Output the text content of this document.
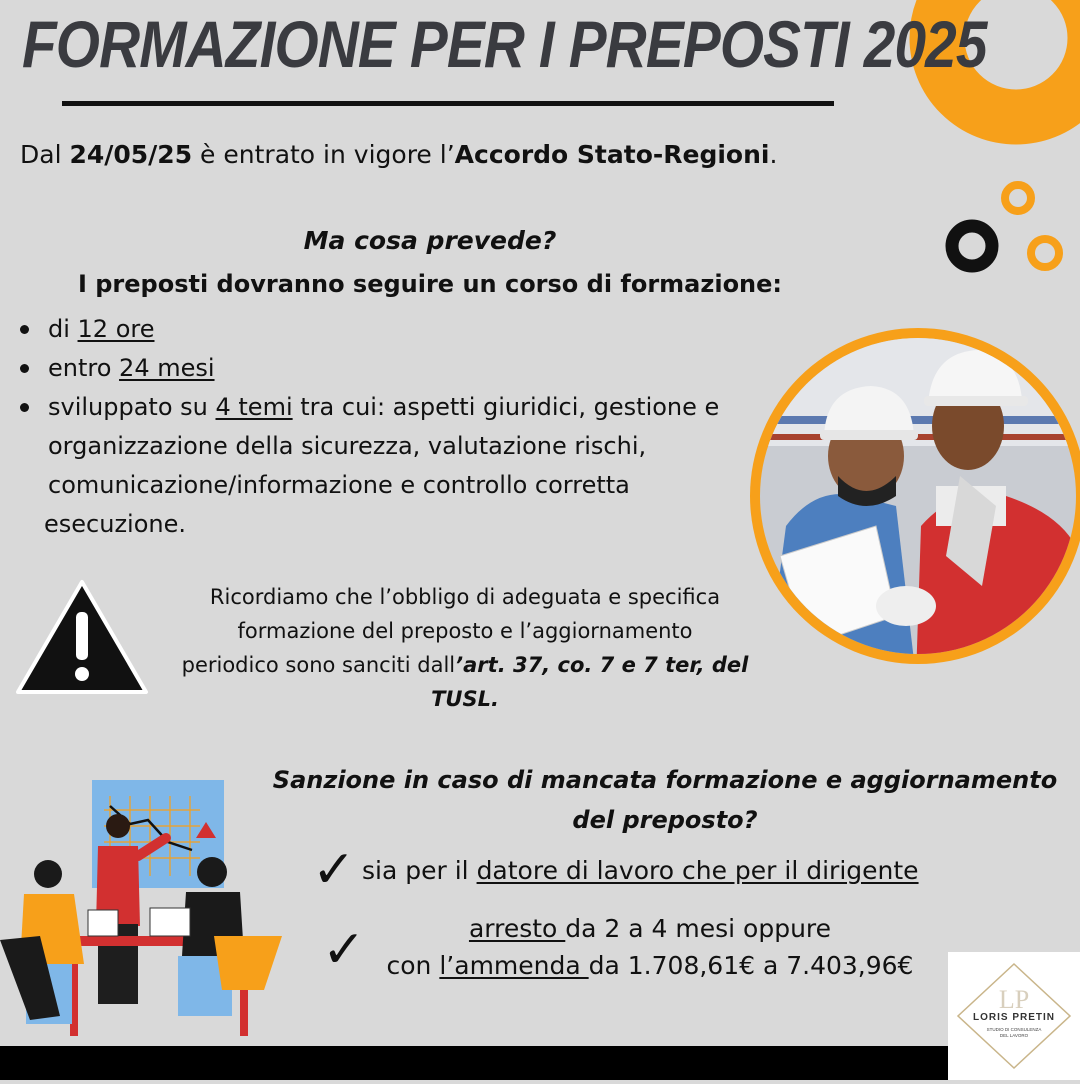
FORMAZIONE PER I PREPOSTI 2025
Dal 24/05/25 è entrato in vigore l’Accordo Stato-Regioni.
Ma cosa prevede?
I preposti dovranno seguire un corso di formazione:
di 12 ore
entro 24 mesi
sviluppato su 4 temi tra cui: aspetti giuridici, gestione e
organizzazione della sicurezza, valutazione rischi,
comunicazione/informazione e controllo corretta
esecuzione.
Ricordiamo che l’obbligo di adeguata e specifica
formazione del preposto e l’aggiornamento
periodico sono sanciti dall’art. 37, co. 7 e 7 ter, del
TUSL.
Sanzione in caso di mancata formazione e aggiornamento
del preposto?
✓ sia per il datore di lavoro che per il dirigente
✓	arresto da 2 a 4 mesi oppure
con l’ammenda da 1.708,61€ a 7.403,96€
LP
LORIS PRETIN
STUDIO DI CONSULENZA
DEL LAVORO
